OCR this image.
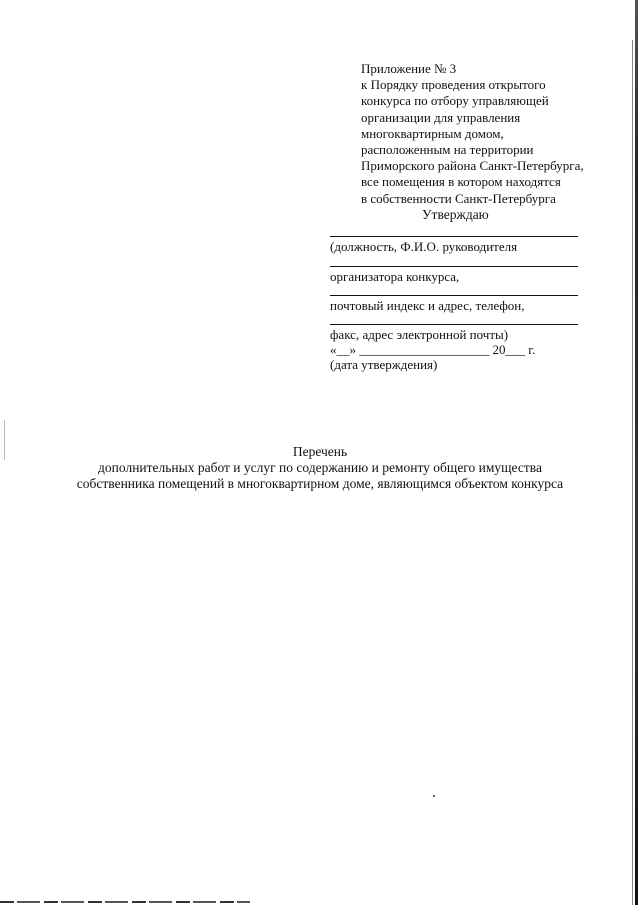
Приложение № 3
к Порядку проведения открытого
конкурса по отбору управляющей
организации для управления
многоквартирным домом,
расположенным на территории
Приморского района Санкт-Петербурга,
все помещения в котором находятся
в собственности Санкт-Петербурга
Утверждаю
(должность, Ф.И.О. руководителя
организатора конкурса,
почтовый индекс и адрес, телефон,
факс, адрес электронной почты)
«__» ____________________ 20___ г.
(дата утверждения)
Перечень
дополнительных работ и услуг по содержанию и ремонту общего имущества
собственника помещений в многоквартирном доме, являющимся объектом конкурса
